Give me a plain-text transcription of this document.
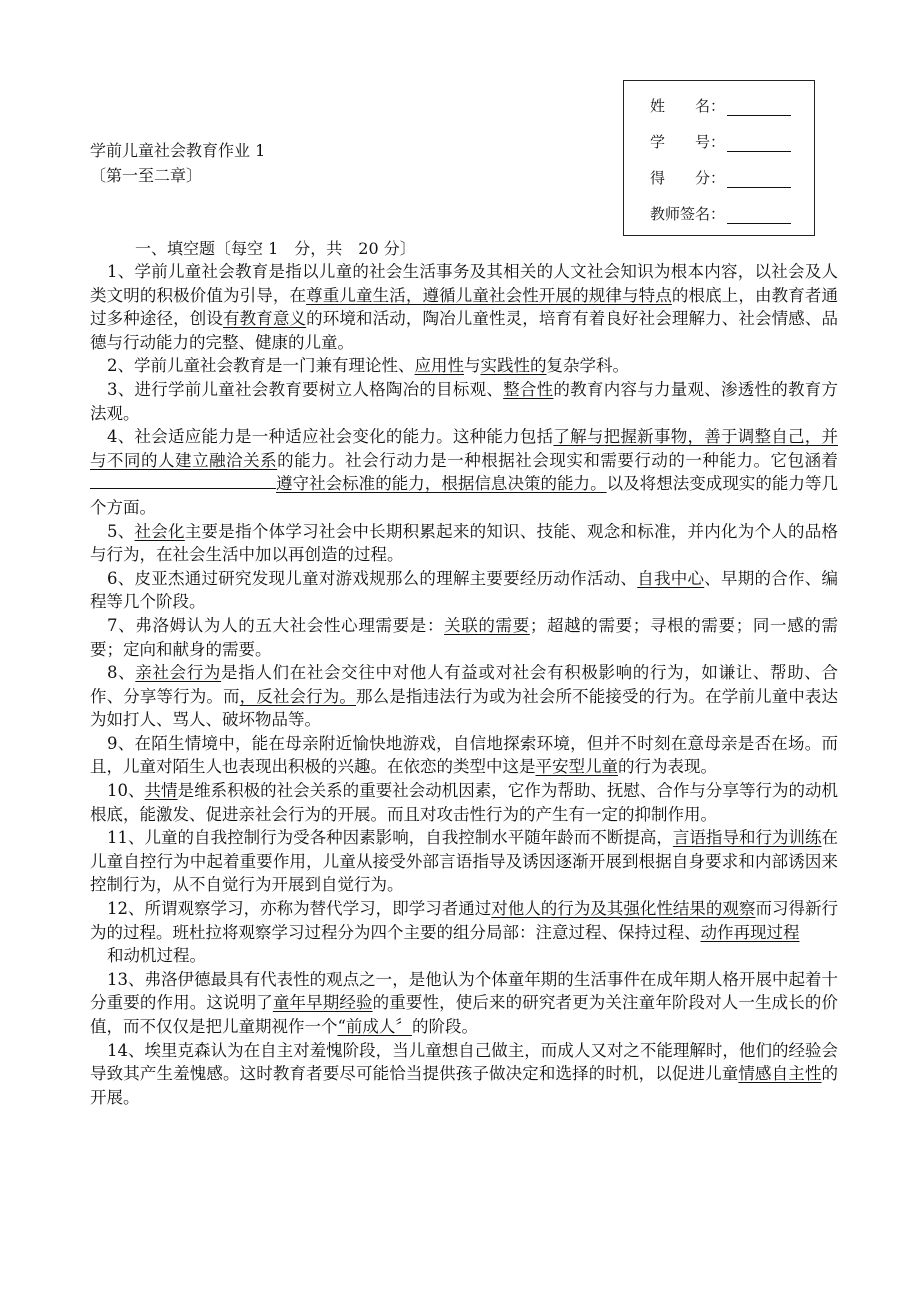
姓　　名：
学　　号：
得　　分：
教师签名：
学前儿童社会教育作业 1
〔第一至二章〕
一、填空题〔每空 1　分，共　20 分〕

1、学前儿童社会教育是指以儿童的社会生活事务及其相关的人文社会知识为根本内容，以社会及人类文明的积极价值为引导，在尊重儿童生活，遵循儿童社会性开展的规律与特点的根底上，由教育者通过多种途径，创设有教育意义的环境和活动，陶冶儿童性灵，培育有着良好社会理解力、社会情感、品德与行动能力的完整、健康的儿童。

2、学前儿童社会教育是一门兼有理论性、应用性与实践性的复杂学科。

3、进行学前儿童社会教育要树立人格陶冶的目标观、整合性的教育内容与力量观、渗透性的教育方法观。

4、社会适应能力是一种适应社会变化的能力。这种能力包括了解与把握新事物，善于调整自己，并与不同的人建立融洽关系的能力。社会行动力是一种根据社会现实和需要行动的一种能力。它包涵着遵守社会标准的能力，根据信息决策的能力。以及将想法变成现实的能力等几个方面。

5、社会化主要是指个体学习社会中长期积累起来的知识、技能、观念和标准，并内化为个人的品格与行为，在社会生活中加以再创造的过程。

6、皮亚杰通过研究发现儿童对游戏规那么的理解主要要经历动作活动、自我中心、早期的合作、编程等几个阶段。

7、弗洛姆认为人的五大社会性心理需要是：关联的需要；超越的需要；寻根的需要；同一感的需要；定向和献身的需要。

8、亲社会行为是指人们在社会交往中对他人有益或对社会有积极影响的行为，如谦让、帮助、合作、分享等行为。而，反社会行为。那么是指违法行为或为社会所不能接受的行为。在学前儿童中表达为如打人、骂人、破坏物品等。

9、在陌生情境中，能在母亲附近愉快地游戏，自信地探索环境，但并不时刻在意母亲是否在场。而且，儿童对陌生人也表现出积极的兴趣。在依恋的类型中这是平安型儿童的行为表现。

10、共情是维系积极的社会关系的重要社会动机因素，它作为帮助、抚慰、合作与分享等行为的动机根底，能激发、促进亲社会行为的开展。而且对攻击性行为的产生有一定的抑制作用。

11、儿童的自我控制行为受各种因素影响，自我控制水平随年龄而不断提高，言语指导和行为训练在儿童自控行为中起着重要作用，儿童从接受外部言语指导及诱因逐渐开展到根据自身要求和内部诱因来控制行为，从不自觉行为开展到自觉行为。

12、所谓观察学习，亦称为替代学习，即学习者通过对他人的行为及其强化性结果的观察而习得新行为的过程。班杜拉将观察学习过程分为四个主要的组分局部：注意过程、保持过程、动作再现过程

和动机过程。

13、弗洛伊德最具有代表性的观点之一，是他认为个体童年期的生活事件在成年期人格开展中起着十分重要的作用。这说明了童年早期经验的重要性，使后来的研究者更为关注童年阶段对人一生成长的价值，而不仅仅是把儿童期视作一个“前成人〞的阶段。

14、埃里克森认为在自主对羞愧阶段，当儿童想自己做主，而成人又对之不能理解时，他们的经验会导致其产生羞愧感。这时教育者要尽可能恰当提供孩子做决定和选择的时机，以促进儿童情感自主性的开展。
